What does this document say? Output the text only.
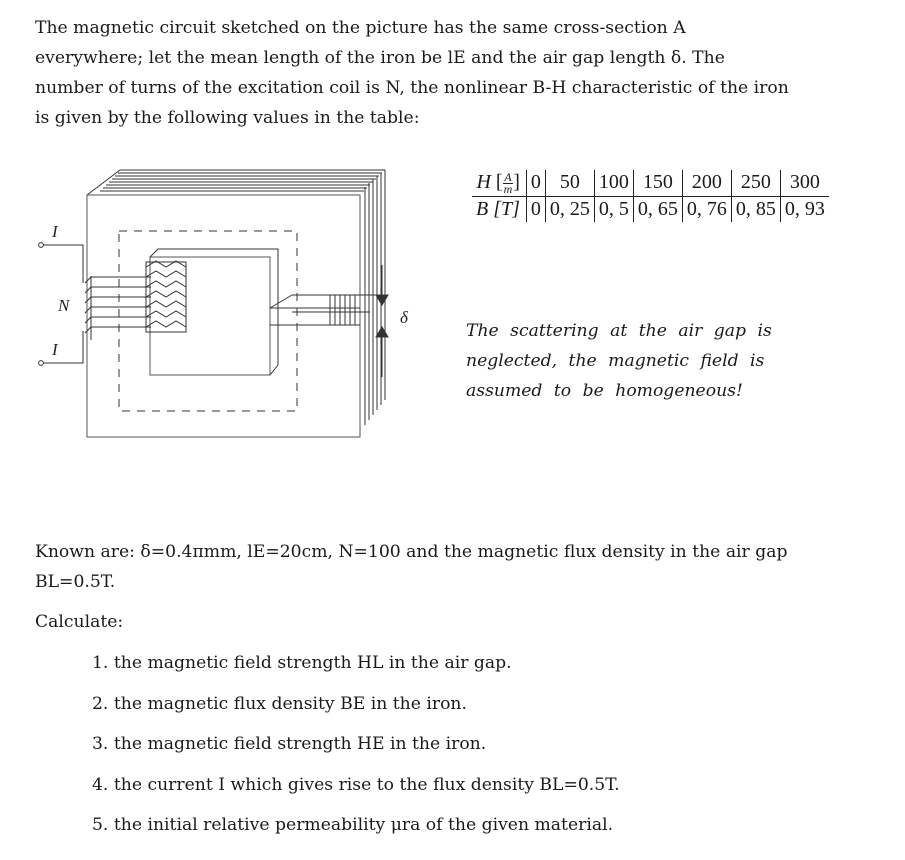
The magnetic circuit sketched on the picture has the same cross-section A everywhere; let the mean length of the iron be lE and the air gap length δ. The number of turns of the excitation coil is N, the nonlinear B-H characteristic of the iron is given by the following values in the table:
I
N
I
δ
H [ $\frac{A}{m}$ ]	0	50	100	150	200	250	300
B [T]	0	0, 25	0, 5	0, 65	0, 76	0, 85	0, 93
The scattering at the air gap is neglected, the magnetic field is assumed to be homogeneous!
Known are: δ=0.4πmm, lE=20cm, N=100 and the magnetic flux density in the air gap BL=0.5T.
Calculate:
1. the magnetic field strength HL in the air gap.
2. the magnetic flux density BE in the iron.
3. the magnetic field strength HE in the iron.
4. the current I which gives rise to the flux density BL=0.5T.
5. the initial relative permeability μra of the given material.
